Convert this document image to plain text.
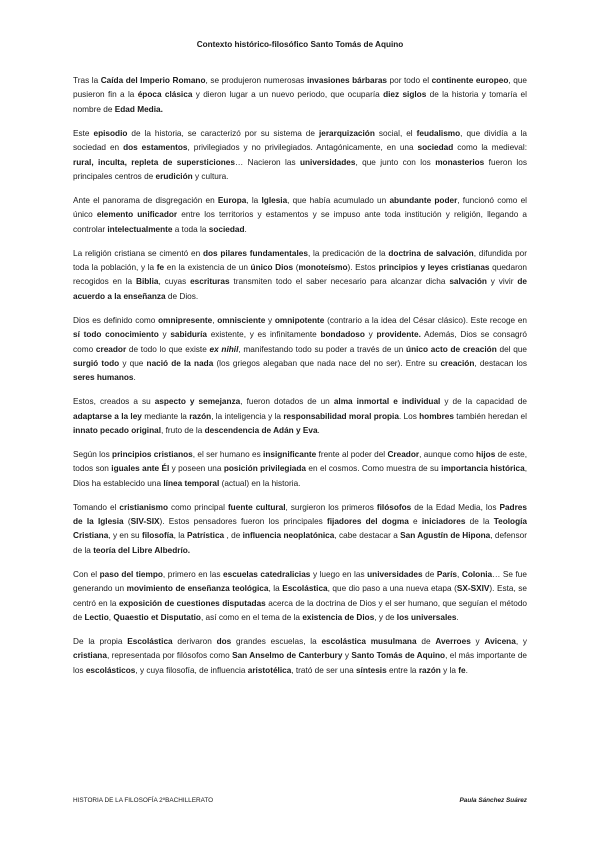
Contexto histórico-filosófico Santo Tomás de Aquino

Tras la Caída del Imperio Romano, se produjeron numerosas invasiones bárbaras por todo el continente europeo, que pusieron fin a la época clásica y dieron lugar a un nuevo periodo, que ocuparía diez siglos de la historia y tomaría el nombre de Edad Media.

Este episodio de la historia, se caracterizó por su sistema de jerarquización social, el feudalismo, que dividía a la sociedad en dos estamentos, privilegiados y no privilegiados. Antagónicamente, en una sociedad como la medieval: rural, inculta, repleta de supersticiones… Nacieron las universidades, que junto con los monasterios fueron los principales centros de erudición y cultura.

Ante el panorama de disgregación en Europa, la Iglesia, que había acumulado un abundante poder, funcionó como el único elemento unificador entre los territorios y estamentos y se impuso ante toda institución y religión, llegando a controlar intelectualmente a toda la sociedad.

La religión cristiana se cimentó en dos pilares fundamentales, la predicación de la doctrina de salvación, difundida por toda la población, y la fe en la existencia de un único Dios (monoteísmo). Estos principios y leyes cristianas quedaron recogidos en la Biblia, cuyas escrituras transmiten todo el saber necesario para alcanzar dicha salvación y vivir de acuerdo a la enseñanza de Dios.

Dios es definido como omnipresente, omnisciente y omnipotente (contrario a la idea del César clásico). Este recoge en sí todo conocimiento y sabiduría existente, y es infinitamente bondadoso y providente. Además, Dios se consagró como creador de todo lo que existe ex nihil, manifestando todo su poder a través de un único acto de creación del que surgió todo y que nació de la nada (los griegos alegaban que nada nace del no ser). Entre su creación, destacan los seres humanos.

Estos, creados a su aspecto y semejanza, fueron dotados de un alma inmortal e individual y de la capacidad de adaptarse a la ley mediante la razón, la inteligencia y la responsabilidad moral propia. Los hombres también heredan el innato pecado original, fruto de la descendencia de Adán y Eva.

Según los principios cristianos, el ser humano es insignificante frente al poder del Creador, aunque como hijos de este, todos son iguales ante Él y poseen una posición privilegiada en el cosmos. Como muestra de su importancia histórica, Dios ha establecido una línea temporal (actual) en la historia.

Tomando el cristianismo como principal fuente cultural, surgieron los primeros filósofos de la Edad Media, los Padres de la Iglesia (SIV-SIX). Estos pensadores fueron los principales fijadores del dogma e iniciadores de la Teología Cristiana, y en su filosofía, la Patrística , de influencia neoplatónica, cabe destacar a San Agustín de Hipona, defensor de la teoría del Libre Albedrío.

Con el paso del tiempo, primero en las escuelas catedralicias y luego en las universidades de París, Colonia… Se fue generando un movimiento de enseñanza teológica, la Escolástica, que dio paso a una nueva etapa (SX-SXIV). Esta, se centró en la exposición de cuestiones disputadas acerca de la doctrina de Dios y el ser humano, que seguían el método de Lectio, Quaestio et Disputatio, así como en el tema de la existencia de Dios, y de los universales.

De la propia Escolástica derivaron dos grandes escuelas, la escolástica musulmana de Averroes y Avicena, y cristiana, representada por filósofos como San Anselmo de Canterbury y Santo Tomás de Aquino, el más importante de los escolásticos, y cuya filosofía, de influencia aristotélica, trató de ser una síntesis entre la razón y la fe.

HISTORIA DE LA FILOSOFÍA 2ºBACHILLERATO	Paula Sánchez Suárez
